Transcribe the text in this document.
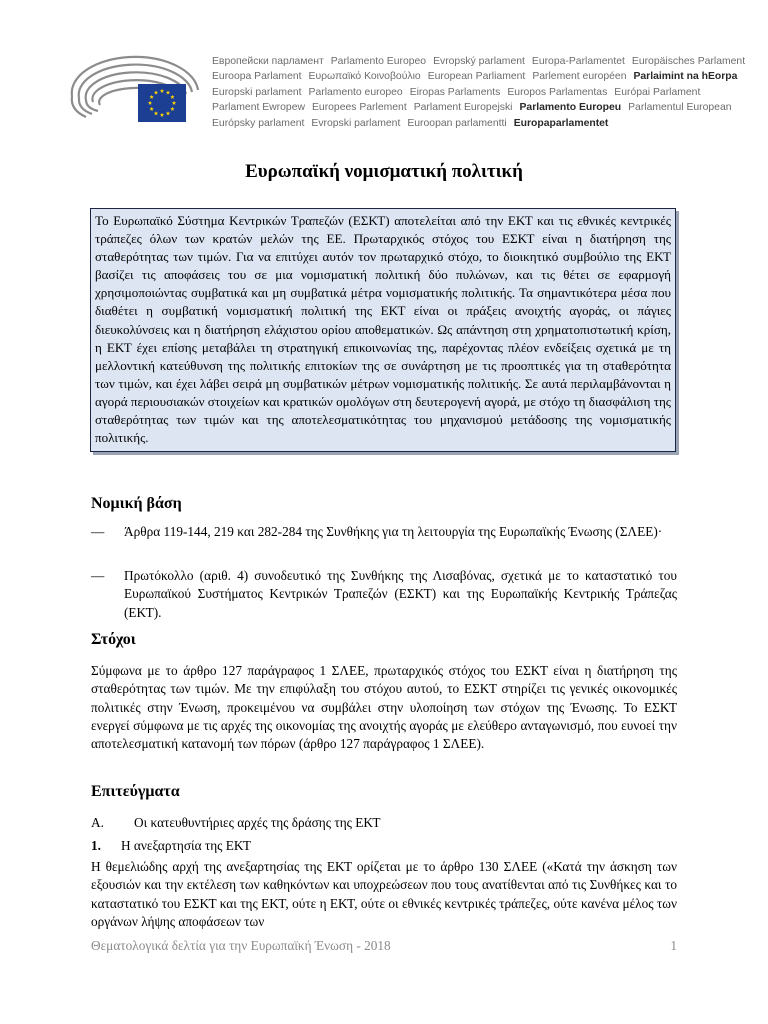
Европейски парламент Parlamento Europeo Evropský parlament Europa-Parlamentet Europäisches Parlament
Euroopa Parlament Ευρωπαϊκό Κοινοβούλιο European Parliament Parlement européen Parlaimint na hEorpa
Europski parlament Parlamento europeo Eiropas Parlaments Europos Parlamentas Európai Parlament
Parlament Ewropew Europees Parlement Parlament Europejski Parlamento Europeu Parlamentul European
Európsky parlament Evropski parlament Euroopan parlamentti Europaparlamentet
Ευρωπαϊκή νομισματική πολιτική
Το Ευρωπαϊκό Σύστημα Κεντρικών Τραπεζών (ΕΣΚΤ) αποτελείται από την ΕΚΤ και τις εθνικές κεντρικές τράπεζες όλων των κρατών μελών της ΕΕ. Πρωταρχικός στόχος του ΕΣΚΤ είναι η διατήρηση της σταθερότητας των τιμών. Για να επιτύχει αυτόν τον πρωταρχικό στόχο, το διοικητικό συμβούλιο της ΕΚΤ βασίζει τις αποφάσεις του σε μια νομισματική πολιτική δύο πυλώνων, και τις θέτει σε εφαρμογή χρησιμοποιώντας συμβατικά και μη συμβατικά μέτρα νομισματικής πολιτικής. Τα σημαντικότερα μέσα που διαθέτει η συμβατική νομισματική πολιτική της ΕΚΤ είναι οι πράξεις ανοιχτής αγοράς, οι πάγιες διευκολύνσεις και η διατήρηση ελάχιστου ορίου αποθεματικών. Ως απάντηση στη χρηματοπιστωτική κρίση, η ΕΚΤ έχει επίσης μεταβάλει τη στρατηγική επικοινωνίας της, παρέχοντας πλέον ενδείξεις σχετικά με τη μελλοντική κατεύθυνση της πολιτικής επιτοκίων της σε συνάρτηση με τις προοπτικές για τη σταθερότητα των τιμών, και έχει λάβει σειρά μη συμβατικών μέτρων νομισματικής πολιτικής. Σε αυτά περιλαμβάνονται η αγορά περιουσιακών στοιχείων και κρατικών ομολόγων στη δευτερογενή αγορά, με στόχο τη διασφάλιση της σταθερότητας των τιμών και της αποτελεσματικότητας του μηχανισμού μετάδοσης της νομισματικής πολιτικής.
Νομική βάση
—	Άρθρα 119-144, 219 και 282-284 της Συνθήκης για τη λειτουργία της Ευρωπαϊκής Ένωσης (ΣΛΕΕ)·
—	Πρωτόκολλο (αριθ. 4) συνοδευτικό της Συνθήκης της Λισαβόνας, σχετικά με το καταστατικό του Ευρωπαϊκού Συστήματος Κεντρικών Τραπεζών (ΕΣΚΤ) και της Ευρωπαϊκής Κεντρικής Τράπεζας (ΕΚΤ).
Στόχοι
Σύμφωνα με το άρθρο 127 παράγραφος 1 ΣΛΕΕ, πρωταρχικός στόχος του ΕΣΚΤ είναι η διατήρηση της σταθερότητας των τιμών. Με την επιφύλαξη του στόχου αυτού, το ΕΣΚΤ στηρίζει τις γενικές οικονομικές πολιτικές στην Ένωση, προκειμένου να συμβάλει στην υλοποίηση των στόχων της Ένωσης. Το ΕΣΚΤ ενεργεί σύμφωνα με τις αρχές της οικονομίας της ανοιχτής αγοράς με ελεύθερο ανταγωνισμό, που ευνοεί την αποτελεσματική κατανομή των πόρων (άρθρο 127 παράγραφος 1 ΣΛΕΕ).
Επιτεύγματα
A.	Οι κατευθυντήριες αρχές της δράσης της ΕΚΤ
1.	Η ανεξαρτησία της ΕΚΤ
Η θεμελιώδης αρχή της ανεξαρτησίας της ΕΚΤ ορίζεται με το άρθρο 130 ΣΛΕΕ («Κατά την άσκηση των εξουσιών και την εκτέλεση των καθηκόντων και υποχρεώσεων που τους ανατίθενται από τις Συνθήκες και το καταστατικό του ΕΣΚΤ και της ΕΚΤ, ούτε η ΕΚΤ, ούτε οι εθνικές κεντρικές τράπεζες, ούτε κανένα μέλος των οργάνων λήψης αποφάσεων των
Θεματολογικά δελτία για την Ευρωπαϊκή Ένωση - 2018	1
